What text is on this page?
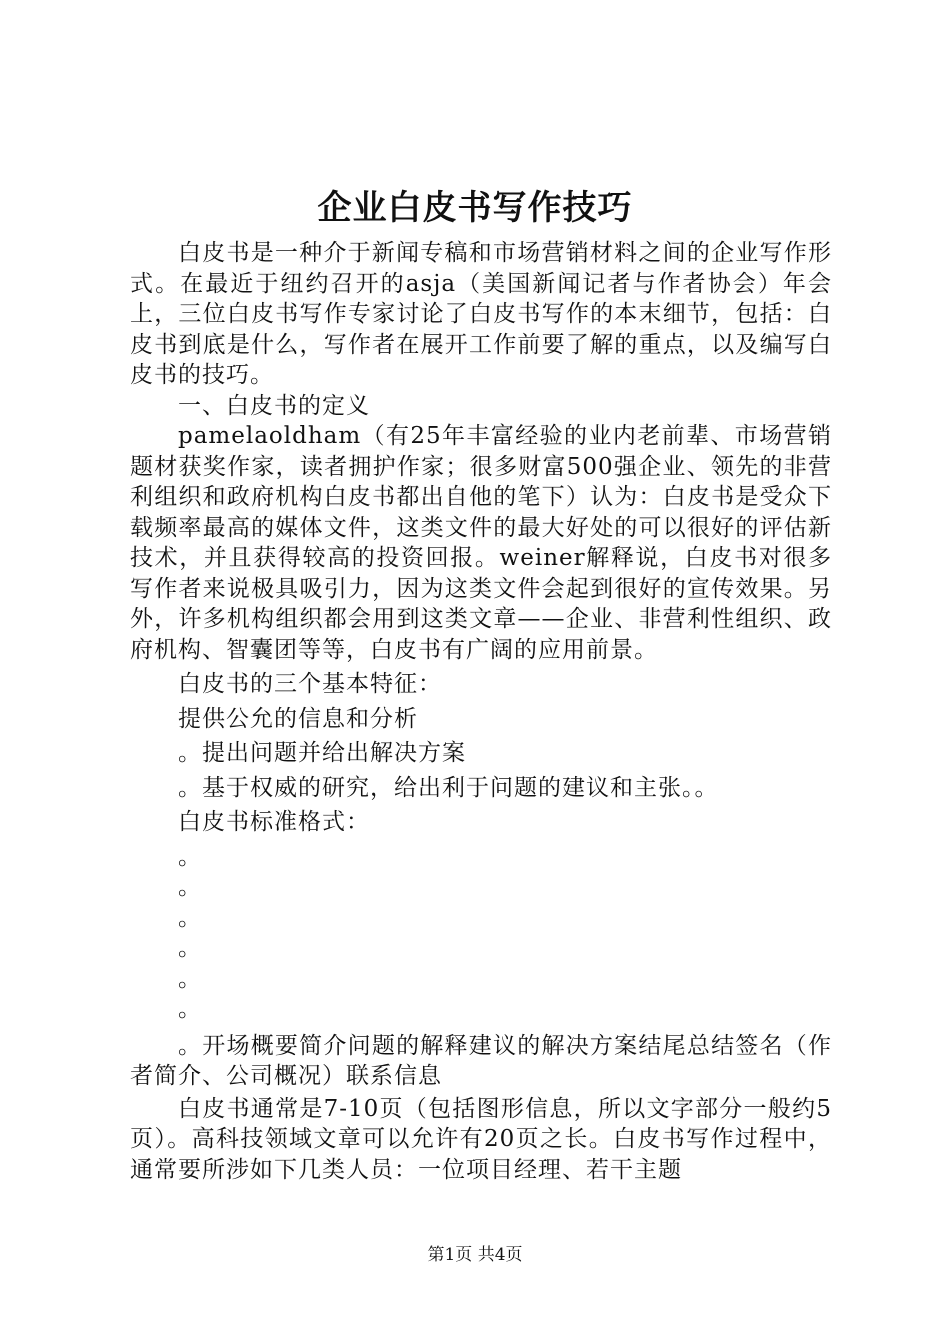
企业白皮书写作技巧

白皮书是一种介于新闻专稿和市场营销材料之间的企业写作形式。在最近于纽约召开的asja（美国新闻记者与作者协会）年会上，三位白皮书写作专家讨论了白皮书写作的本末细节，包括：白皮书到底是什么，写作者在展开工作前要了解的重点，以及编写白皮书的技巧。

一、白皮书的定义

pamelaoldham（有25年丰富经验的业内老前辈、市场营销题材获奖作家，读者拥护作家；很多财富500强企业、领先的非营利组织和政府机构白皮书都出自他的笔下）认为：白皮书是受众下载频率最高的媒体文件，这类文件的最大好处的可以很好的评估新技术，并且获得较高的投资回报。weiner解释说，白皮书对很多写作者来说极具吸引力，因为这类文件会起到很好的宣传效果。另外，许多机构组织都会用到这类文章——企业、非营利性组织、政府机构、智囊团等等，白皮书有广阔的应用前景。

白皮书的三个基本特征：

提供公允的信息和分析

。提出问题并给出解决方案

。基于权威的研究，给出利于问题的建议和主张。。

白皮书标准格式：

。

。

。

。

。

。

。开场概要简介问题的解释建议的解决方案结尾总结签名（作者简介、公司概况）联系信息

白皮书通常是7-10页（包括图形信息，所以文字部分一般约5页）。高科技领域文章可以允许有20页之长。白皮书写作过程中，通常要所涉如下几类人员：一位项目经理、若干主题

第1页 共4页
